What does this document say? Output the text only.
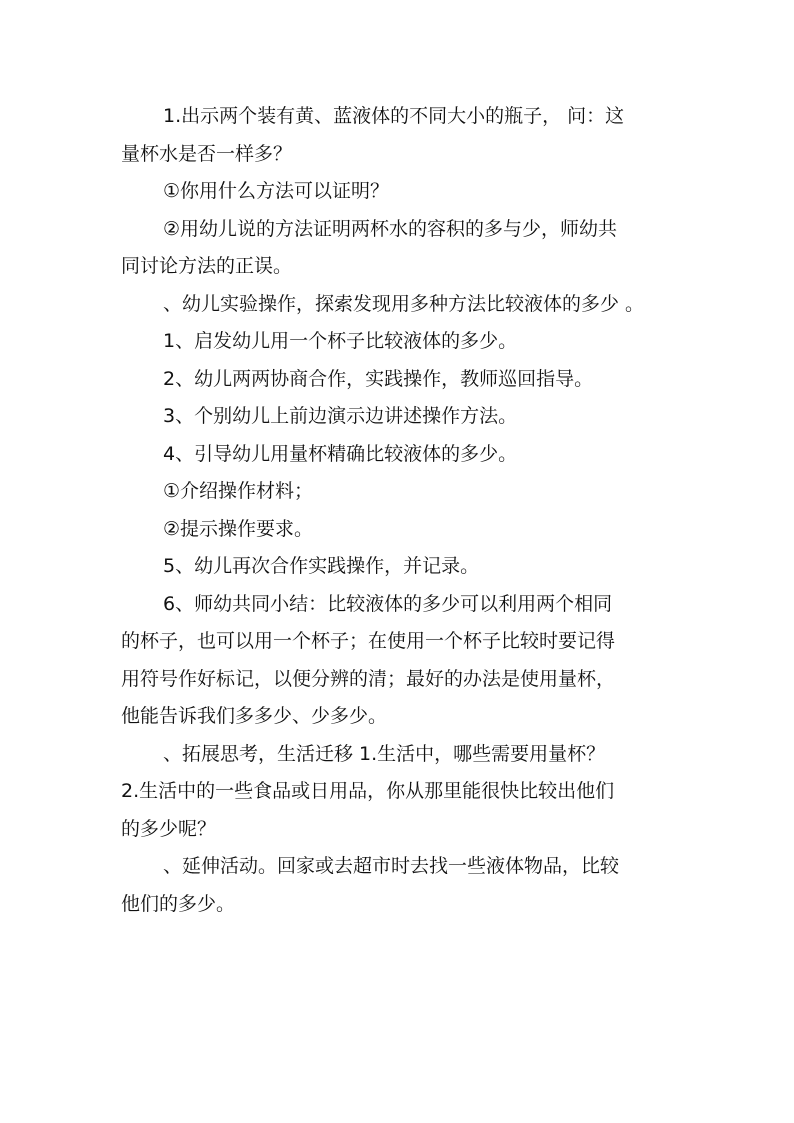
1.出示两个装有黄、蓝液体的不同大小的瓶子， 问：这

量杯水是否一样多？

①你用什么方法可以证明？

②用幼儿说的方法证明两杯水的容积的多与少，师幼共

同讨论方法的正误。

、幼儿实验操作，探索发现用多种方法比较液体的多少 。

1、启发幼儿用一个杯子比较液体的多少。

2、幼儿两两协商合作，实践操作，教师巡回指导。

3、个别幼儿上前边演示边讲述操作方法。

4、引导幼儿用量杯精确比较液体的多少。

①介绍操作材料；

②提示操作要求。

5、幼儿再次合作实践操作，并记录。

6、师幼共同小结：比较液体的多少可以利用两个相同

的杯子，也可以用一个杯子；在使用一个杯子比较时要记得

用符号作好标记，以便分辨的清；最好的办法是使用量杯，

他能告诉我们多多少、少多少。

、拓展思考，生活迁移 1.生活中，哪些需要用量杯？

2.生活中的一些食品或日用品，你从那里能很快比较出他们

的多少呢？

、延伸活动。回家或去超市时去找一些液体物品，比较

他们的多少。
